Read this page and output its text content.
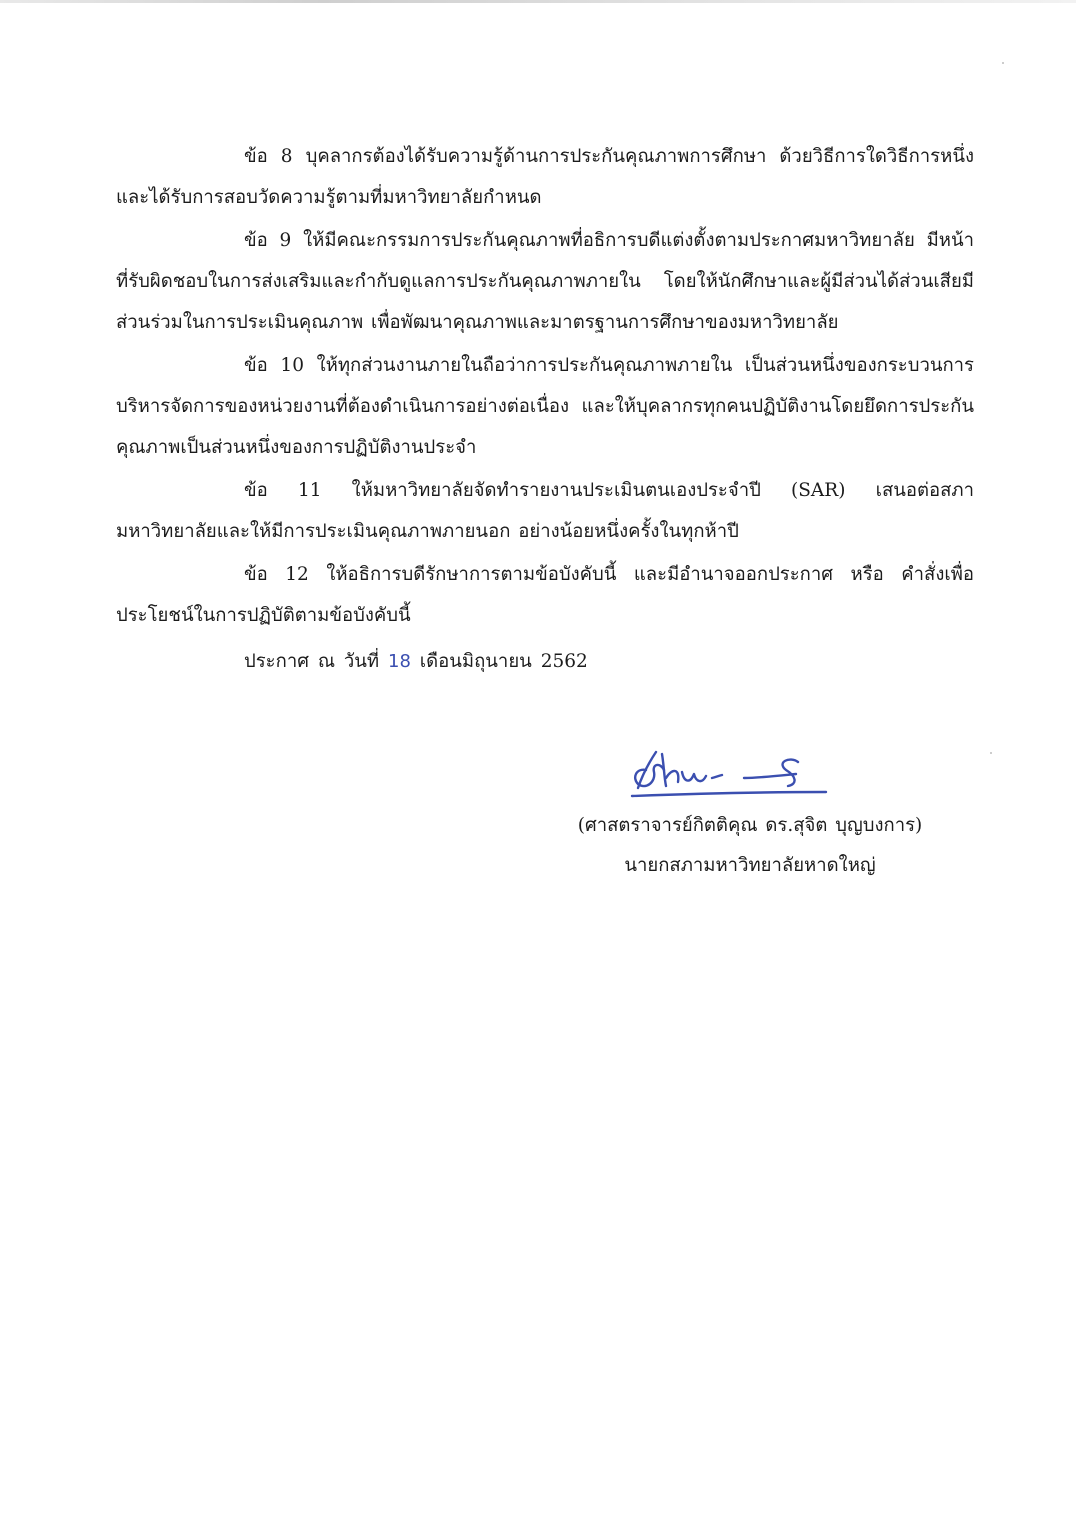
ข้อ 8 บุคลากรต้องได้รับความรู้ด้านการประกันคุณภาพการศึกษา ด้วยวิธีการใดวิธีการหนึ่งและได้รับการสอบวัดความรู้ตามที่มหาวิทยาลัยกำหนด

ข้อ 9 ให้มีคณะกรรมการประกันคุณภาพที่อธิการบดีแต่งตั้งตามประกาศมหาวิทยาลัย มีหน้าที่รับผิดชอบในการส่งเสริมและกำกับดูแลการประกันคุณภาพภายใน โดยให้นักศึกษาและผู้มีส่วนได้ส่วนเสียมีส่วนร่วมในการประเมินคุณภาพ เพื่อพัฒนาคุณภาพและมาตรฐานการศึกษาของมหาวิทยาลัย

ข้อ 10 ให้ทุกส่วนงานภายในถือว่าการประกันคุณภาพภายใน เป็นส่วนหนึ่งของกระบวนการบริหารจัดการของหน่วยงานที่ต้องดำเนินการอย่างต่อเนื่อง และให้บุคลากรทุกคนปฏิบัติงานโดยยึดการประกันคุณภาพเป็นส่วนหนึ่งของการปฏิบัติงานประจำ

ข้อ 11 ให้มหาวิทยาลัยจัดทำรายงานประเมินตนเองประจำปี (SAR) เสนอต่อสภามหาวิทยาลัยและให้มีการประเมินคุณภาพภายนอก อย่างน้อยหนึ่งครั้งในทุกห้าปี

ข้อ 12 ให้อธิการบดีรักษาการตามข้อบังคับนี้ และมีอำนาจออกประกาศ หรือ คำสั่งเพื่อประโยชน์ในการปฏิบัติตามข้อบังคับนี้

ประกาศ ณ วันที่ 18 เดือนมิถุนายน 2562
(ศาสตราจารย์กิตติคุณ ดร.สุจิต บุญบงการ)
นายกสภามหาวิทยาลัยหาดใหญ่
